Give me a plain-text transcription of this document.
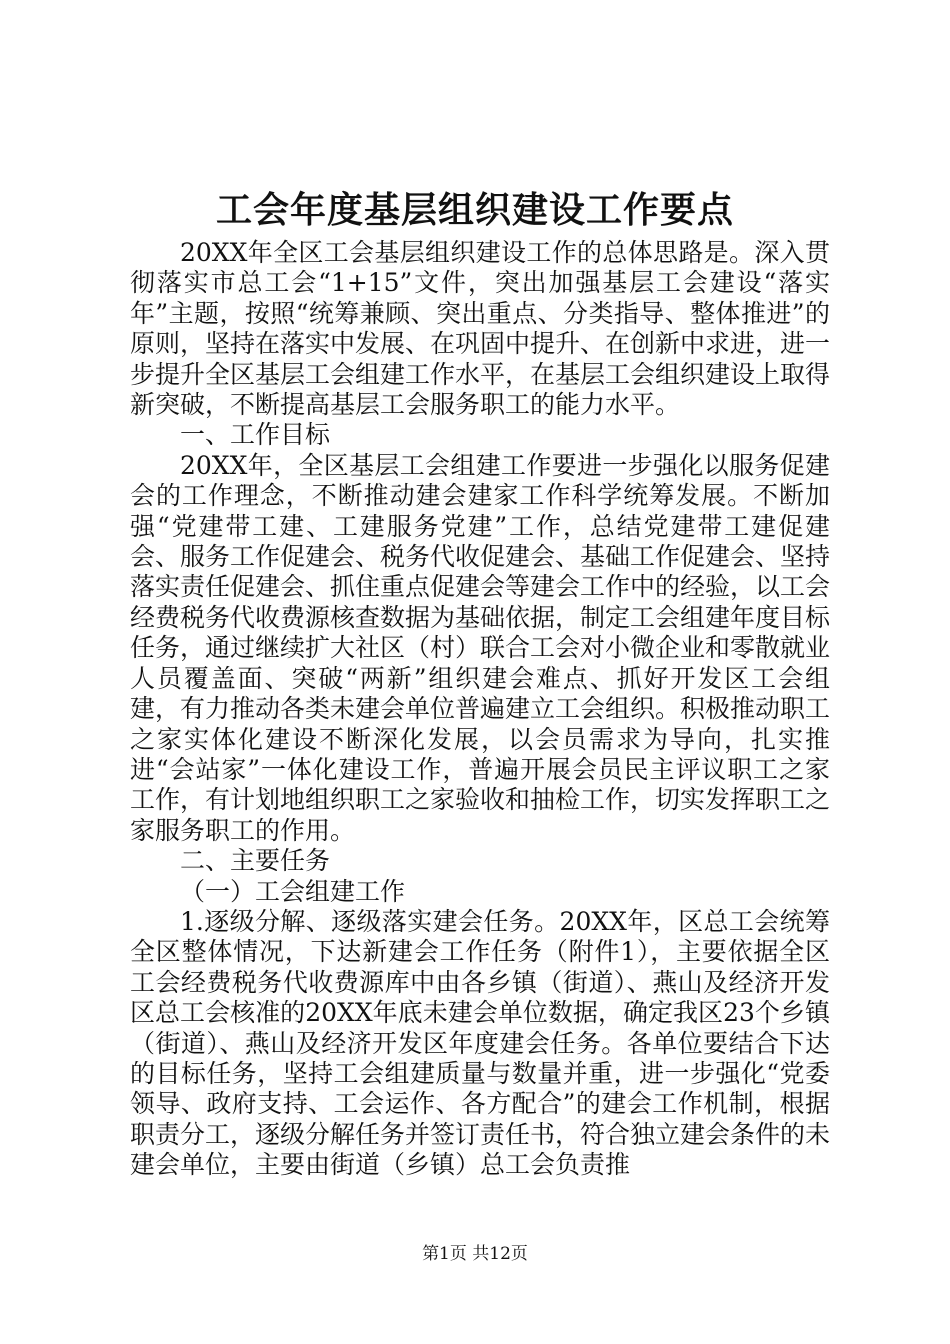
工会年度基层组织建设工作要点

20XX年全区工会基层组织建设工作的总体思路是。深入贯彻落实市总工会“1+15”文件，突出加强基层工会建设“落实年”主题，按照“统筹兼顾、突出重点、分类指导、整体推进”的原则，坚持在落实中发展、在巩固中提升、在创新中求进，进一步提升全区基层工会组建工作水平，在基层工会组织建设上取得新突破，不断提高基层工会服务职工的能力水平。

一、工作目标

20XX年，全区基层工会组建工作要进一步强化以服务促建会的工作理念，不断推动建会建家工作科学统筹发展。不断加强“党建带工建、工建服务党建”工作，总结党建带工建促建会、服务工作促建会、税务代收促建会、基础工作促建会、坚持落实责任促建会、抓住重点促建会等建会工作中的经验，以工会经费税务代收费源核查数据为基础依据，制定工会组建年度目标任务，通过继续扩大社区（村）联合工会对小微企业和零散就业人员覆盖面、突破“两新”组织建会难点、抓好开发区工会组建，有力推动各类未建会单位普遍建立工会组织。积极推动职工之家实体化建设不断深化发展，以会员需求为导向，扎实推进“会站家”一体化建设工作，普遍开展会员民主评议职工之家工作，有计划地组织职工之家验收和抽检工作，切实发挥职工之家服务职工的作用。

二、主要任务

（一）工会组建工作

1.逐级分解、逐级落实建会任务。20XX年，区总工会统筹全区整体情况，下达新建会工作任务（附件1），主要依据全区工会经费税务代收费源库中由各乡镇（街道）、燕山及经济开发区总工会核准的20XX年底未建会单位数据，确定我区23个乡镇（街道）、燕山及经济开发区年度建会任务。各单位要结合下达的目标任务，坚持工会组建质量与数量并重，进一步强化“党委领导、政府支持、工会运作、各方配合”的建会工作机制，根据职责分工，逐级分解任务并签订责任书，符合独立建会条件的未建会单位，主要由街道（乡镇）总工会负责推

第1页 共12页
